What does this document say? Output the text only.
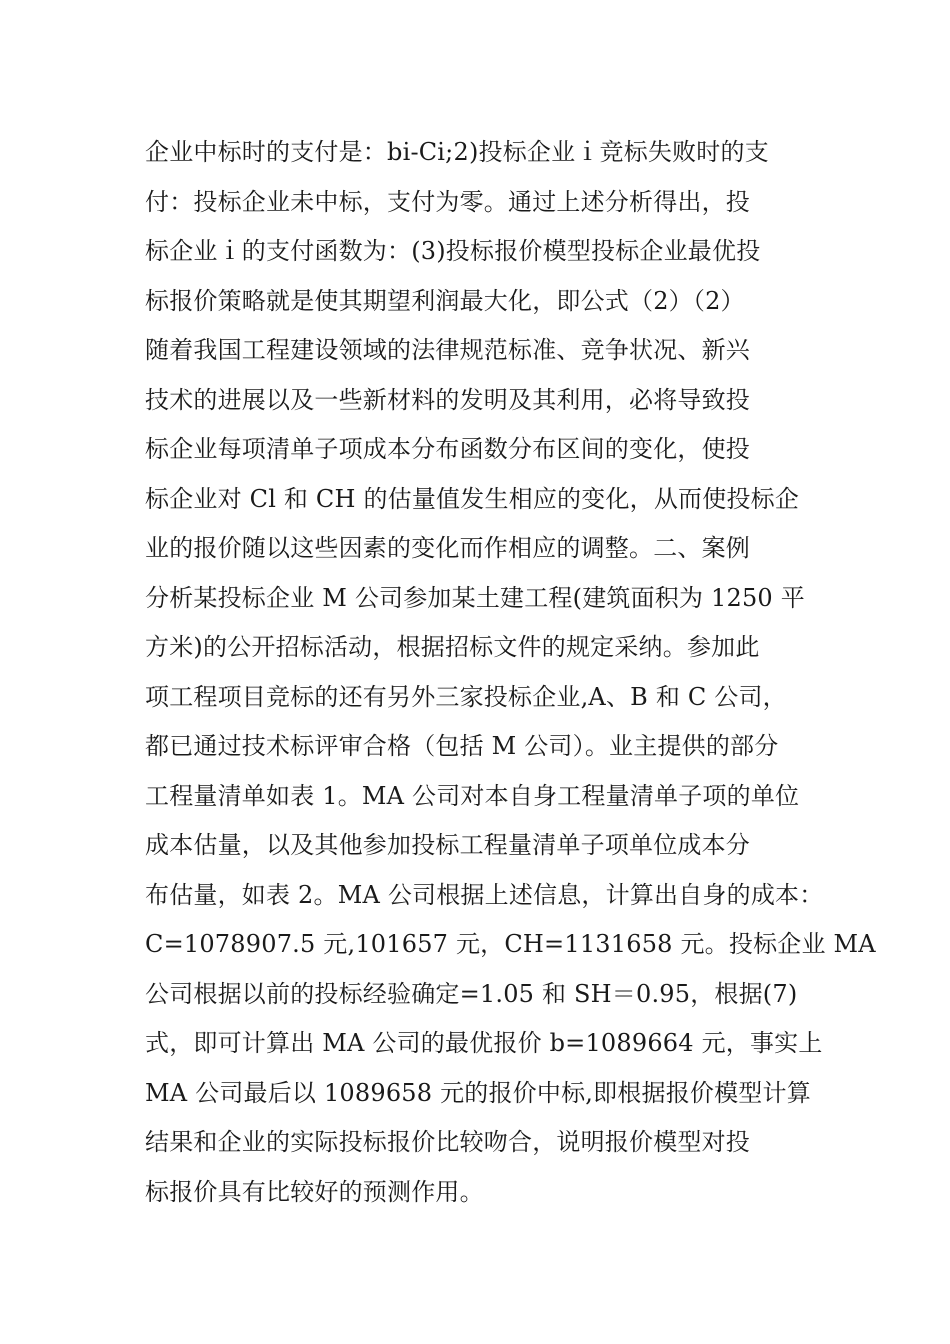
企业中标时的支付是：bi-Ci;2)投标企业ｉ竞标失败时的支
付：投标企业未中标，支付为零。通过上述分析得出，投
标企业ｉ的支付函数为：(3)投标报价模型投标企业最优投
标报价策略就是使其期望利润最大化，即公式（2）（2）
随着我国工程建设领域的法律规范标准、竞争状况、新兴
技术的进展以及一些新材料的发明及其利用，必将导致投
标企业每项清单子项成本分布函数分布区间的变化，使投
标企业对 Cl 和 CH 的估量值发生相应的变化，从而使投标企
业的报价随以这些因素的变化而作相应的调整。二、案例
分析某投标企业 M 公司参加某土建工程(建筑面积为 1250 平
方米)的公开招标活动，根据招标文件的规定采纳。参加此
项工程项目竞标的还有另外三家投标企业,A、B 和 C 公司，
都已通过技术标评审合格（包括 M 公司）。业主提供的部分
工程量清单如表 1。MA 公司对本自身工程量清单子项的单位
成本估量，以及其他参加投标工程量清单子项单位成本分
布估量，如表 2。MA 公司根据上述信息，计算出自身的成本：
C=1078907.5 元,101657 元，CH=1131658 元。投标企业 MA
公司根据以前的投标经验确定=1.05 和 SH＝0.95，根据(7)
式，即可计算出 MA 公司的最优报价 b=1089664 元，事实上
MA 公司最后以 1089658 元的报价中标,即根据报价模型计算
结果和企业的实际投标报价比较吻合，说明报价模型对投
标报价具有比较好的预测作用。
